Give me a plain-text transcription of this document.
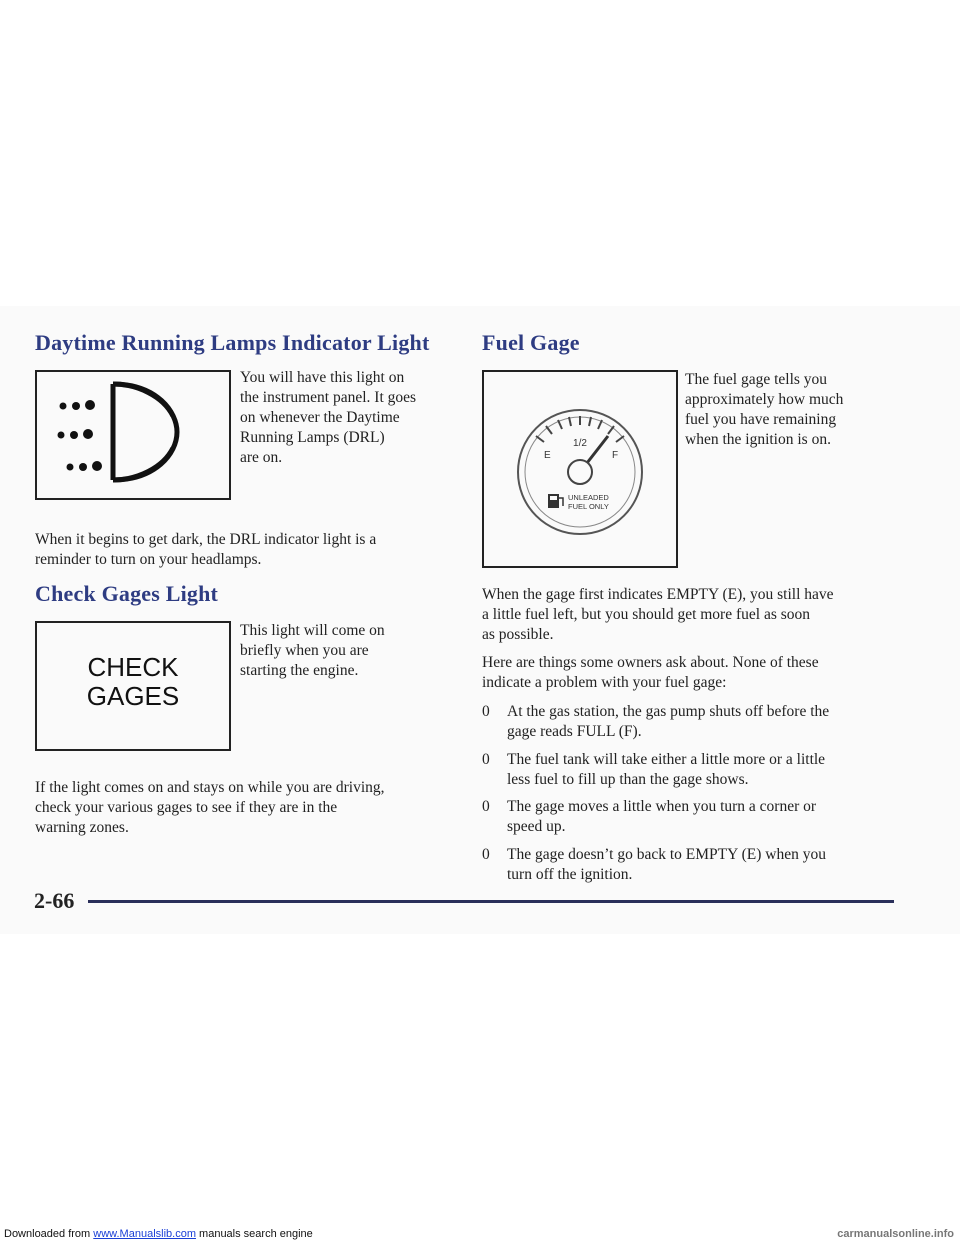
Daytime Running Lamps Indicator Light
You will have this light on
the instrument panel. It goes
on whenever the Daytime
Running Lamps (DRL)
are on.
When it begins to get dark, the DRL indicator light is a
reminder to turn on your headlamps.
Check Gages Light
CHECK
GAGES
This light will come on
briefly when you are
starting the engine.
If the light comes on and stays on while you are driving,
check your various gages to see if they are in the
warning zones.
Fuel Gage
E
1/2
F
UNLEADED
FUEL ONLY
The fuel gage tells you
approximately how much
fuel you have remaining
when the ignition is on.
When the gage first indicates EMPTY (E), you still have
a little fuel left, but you should get more fuel as soon
as possible.
Here are things some owners ask about. None of these
indicate a problem with your fuel gage:
0	At the gas station, the gas pump shuts off before the
gage reads FULL (F).
0	The fuel tank will take either a little more or a little
less fuel to fill up than the gage shows.
0	The gage moves a little when you turn a corner or
speed up.
0	The gage doesn’t go back to EMPTY (E) when you
turn off the ignition.
2-66
Downloaded from www.Manualslib.com manuals search engine	carmanualsonline.info
